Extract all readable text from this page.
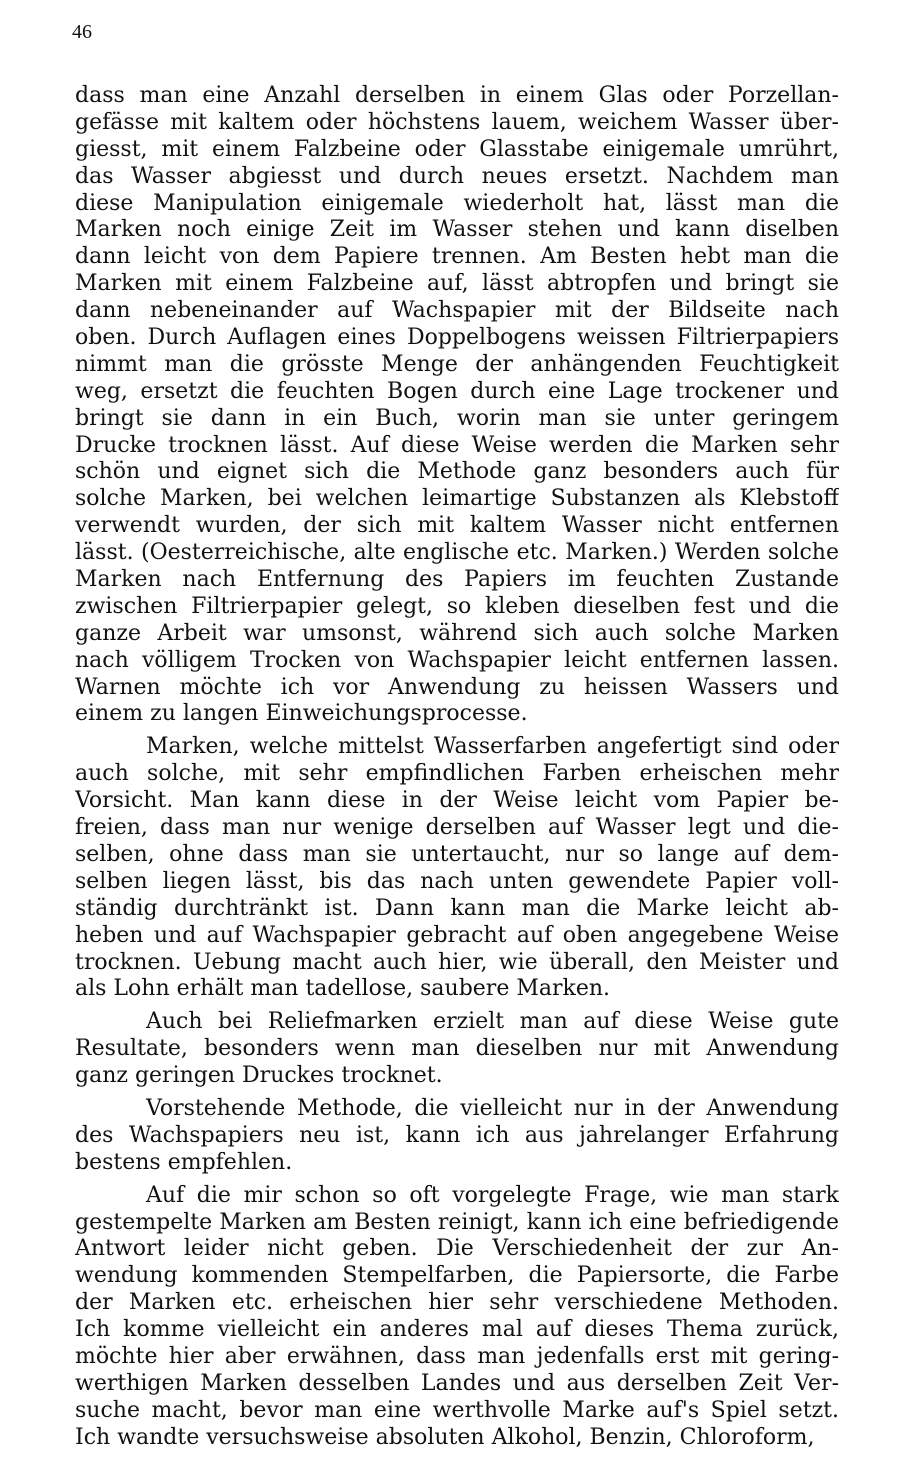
46
dass man eine Anzahl derselben in einem Glas oder Porzellan-
gefässe mit kaltem oder höchstens lauem, weichem Wasser über-
giesst, mit einem Falzbeine oder Glasstabe einigemale umrührt,
das Wasser abgiesst und durch neues ersetzt. Nachdem man
diese Manipulation einigemale wiederholt hat, lässt man die
Marken noch einige Zeit im Wasser stehen und kann diselben
dann leicht von dem Papiere trennen. Am Besten hebt man die
Marken mit einem Falzbeine auf, lässt abtropfen und bringt sie
dann nebeneinander auf Wachspapier mit der Bildseite nach
oben. Durch Auflagen eines Doppelbogens weissen Filtrierpapiers
nimmt man die grösste Menge der anhängenden Feuchtigkeit
weg, ersetzt die feuchten Bogen durch eine Lage trockener und
bringt sie dann in ein Buch, worin man sie unter geringem
Drucke trocknen lässt. Auf diese Weise werden die Marken sehr
schön und eignet sich die Methode ganz besonders auch für
solche Marken, bei welchen leimartige Substanzen als Klebstoff
verwendt wurden, der sich mit kaltem Wasser nicht entfernen
lässt. (Oesterreichische, alte englische etc. Marken.) Werden solche
Marken nach Entfernung des Papiers im feuchten Zustande
zwischen Filtrierpapier gelegt, so kleben dieselben fest und die
ganze Arbeit war umsonst, während sich auch solche Marken
nach völligem Trocken von Wachspapier leicht entfernen lassen.
Warnen möchte ich vor Anwendung zu heissen Wassers und
einem zu langen Einweichungsprocesse.
Marken, welche mittelst Wasserfarben angefertigt sind oder
auch solche, mit sehr empfindlichen Farben erheischen mehr
Vorsicht. Man kann diese in der Weise leicht vom Papier be-
freien, dass man nur wenige derselben auf Wasser legt und die-
selben, ohne dass man sie untertaucht, nur so lange auf dem-
selben liegen lässt, bis das nach unten gewendete Papier voll-
ständig durchtränkt ist. Dann kann man die Marke leicht ab-
heben und auf Wachspapier gebracht auf oben angegebene Weise
trocknen. Uebung macht auch hier, wie überall, den Meister und
als Lohn erhält man tadellose, saubere Marken.
Auch bei Reliefmarken erzielt man auf diese Weise gute
Resultate, besonders wenn man dieselben nur mit Anwendung
ganz geringen Druckes trocknet.
Vorstehende Methode, die vielleicht nur in der Anwendung
des Wachspapiers neu ist, kann ich aus jahrelanger Erfahrung
bestens empfehlen.
Auf die mir schon so oft vorgelegte Frage, wie man stark
gestempelte Marken am Besten reinigt, kann ich eine befriedigende
Antwort leider nicht geben. Die Verschiedenheit der zur An-
wendung kommenden Stempelfarben, die Papiersorte, die Farbe
der Marken etc. erheischen hier sehr verschiedene Methoden.
Ich komme vielleicht ein anderes mal auf dieses Thema zurück,
möchte hier aber erwähnen, dass man jedenfalls erst mit gering-
werthigen Marken desselben Landes und aus derselben Zeit Ver-
suche macht, bevor man eine werthvolle Marke auf's Spiel setzt.
Ich wandte versuchsweise absoluten Alkohol, Benzin, Chloroform,
